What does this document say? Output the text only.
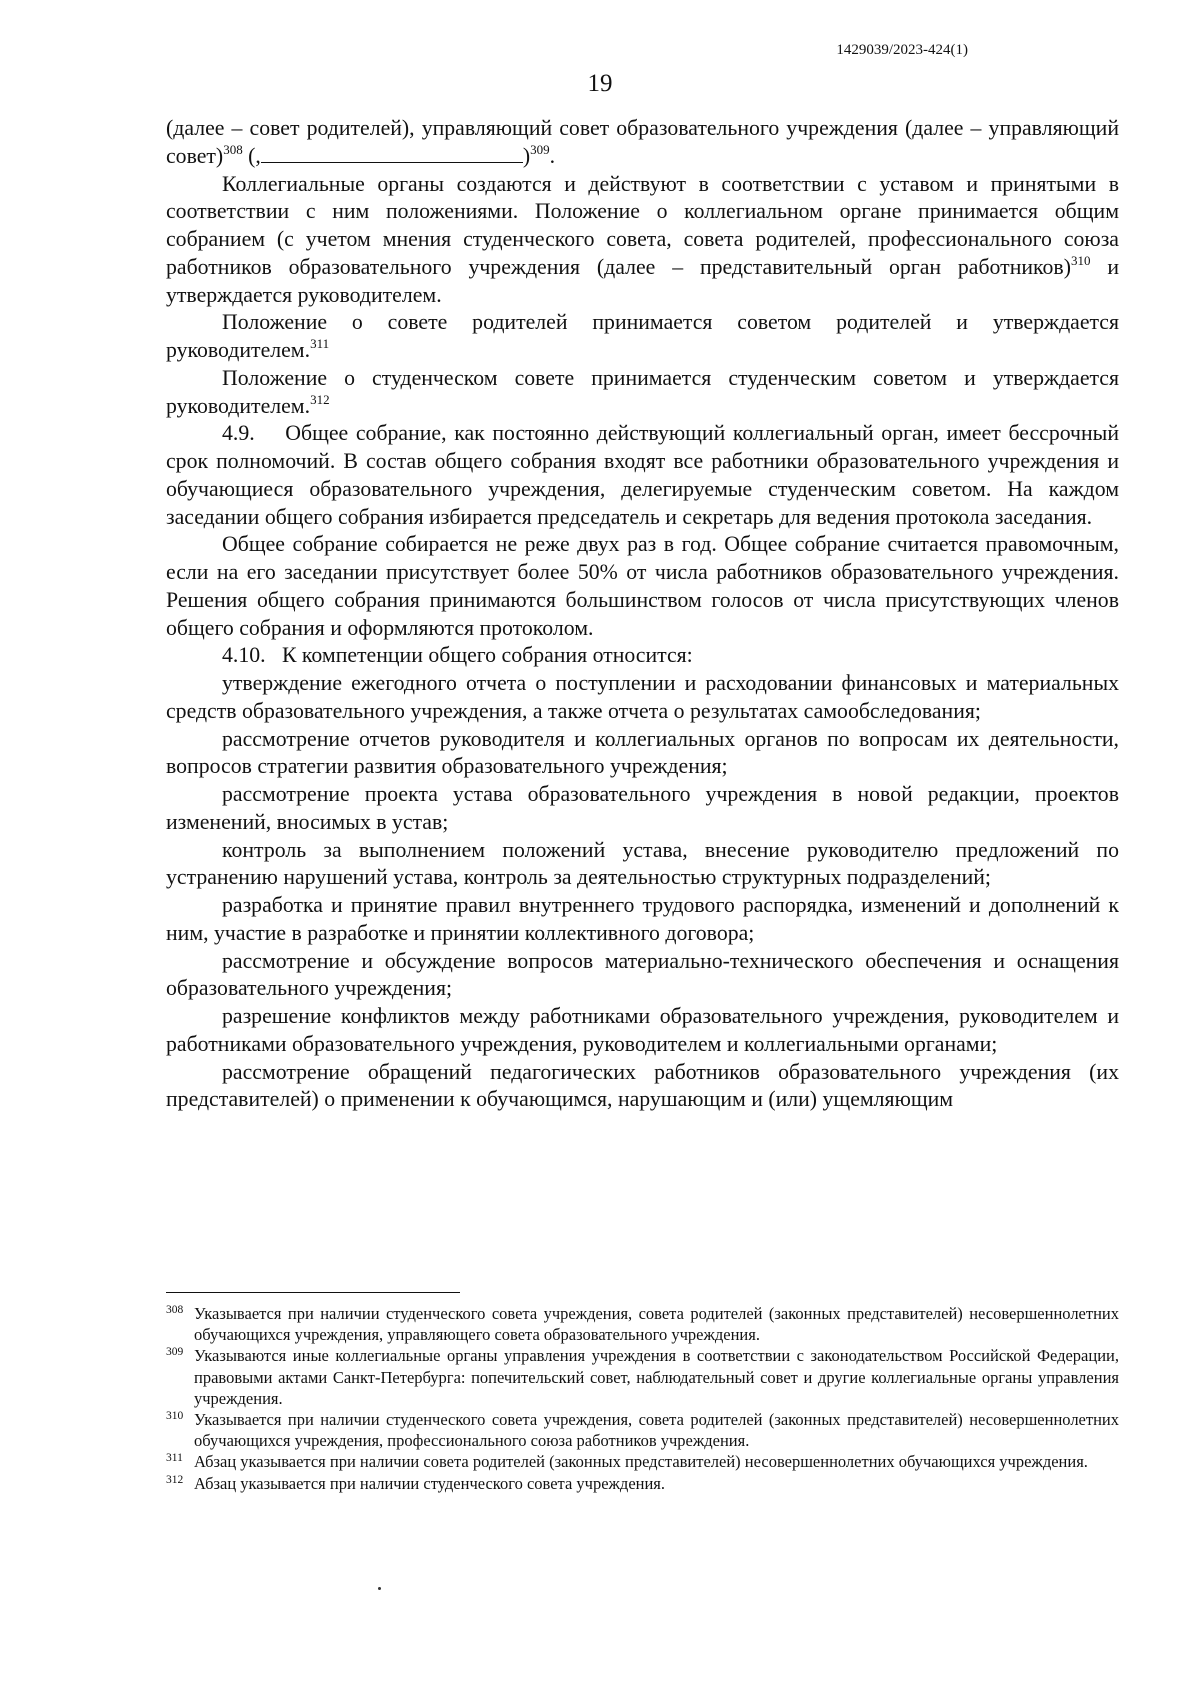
1429039/2023-424(1)
19

(далее – совет родителей), управляющий совет образовательного учреждения (далее – управляющий совет)$^{308}$ (,	)$^{309}$.

Коллегиальные органы создаются и действуют в соответствии с уставом и принятыми в соответствии с ним положениями. Положение о коллегиальном органе принимается общим собранием (с учетом мнения студенческого совета, совета родителей, профессионального союза работников образовательного учреждения (далее – представительный орган работников)$^{310}$ и утверждается руководителем.

Положение о совете родителей принимается советом родителей и утверждается руководителем.$^{311}$

Положение о студенческом совете принимается студенческим советом и утверждается руководителем.$^{312}$

4.9.    Общее собрание, как постоянно действующий коллегиальный орган, имеет бессрочный срок полномочий. В состав общего собрания входят все работники образовательного учреждения и обучающиеся образовательного учреждения, делегируемые студенческим советом. На каждом заседании общего собрания избирается председатель и секретарь для ведения протокола заседания.

Общее собрание собирается не реже двух раз в год. Общее собрание считается правомочным, если на его заседании присутствует более 50% от числа работников образовательного учреждения. Решения общего собрания принимаются большинством голосов от числа присутствующих членов общего собрания и оформляются протоколом.

4.10.   К компетенции общего собрания относится:

утверждение ежегодного отчета о поступлении и расходовании финансовых и материальных средств образовательного учреждения, а также отчета о результатах самообследования;

рассмотрение отчетов руководителя и коллегиальных органов по вопросам их деятельности, вопросов стратегии развития образовательного учреждения;

рассмотрение проекта устава образовательного учреждения в новой редакции, проектов изменений, вносимых в устав;

контроль за выполнением положений устава, внесение руководителю предложений по устранению нарушений устава, контроль за деятельностью структурных подразделений;

разработка и принятие правил внутреннего трудового распорядка, изменений и дополнений к ним, участие в разработке и принятии коллективного договора;

рассмотрение и обсуждение вопросов материально-технического обеспечения и оснащения образовательного учреждения;

разрешение конфликтов между работниками образовательного учреждения, руководителем и работниками образовательного учреждения, руководителем и коллегиальными органами;

рассмотрение обращений педагогических работников образовательного учреждения (их представителей) о применении к обучающимся, нарушающим и (или) ущемляющим

308 Указывается при наличии студенческого совета учреждения, совета родителей (законных представителей) несовершеннолетних обучающихся учреждения, управляющего совета образовательного учреждения.
309 Указываются иные коллегиальные органы управления учреждения в соответствии с законодательством Российской Федерации, правовыми актами Санкт-Петербурга: попечительский совет, наблюдательный совет и другие коллегиальные органы управления учреждения.
310 Указывается при наличии студенческого совета учреждения, совета родителей (законных представителей) несовершеннолетних обучающихся учреждения, профессионального союза работников учреждения.
311 Абзац указывается при наличии совета родителей (законных представителей) несовершеннолетних обучающихся учреждения.
312 Абзац указывается при наличии студенческого совета учреждения.
